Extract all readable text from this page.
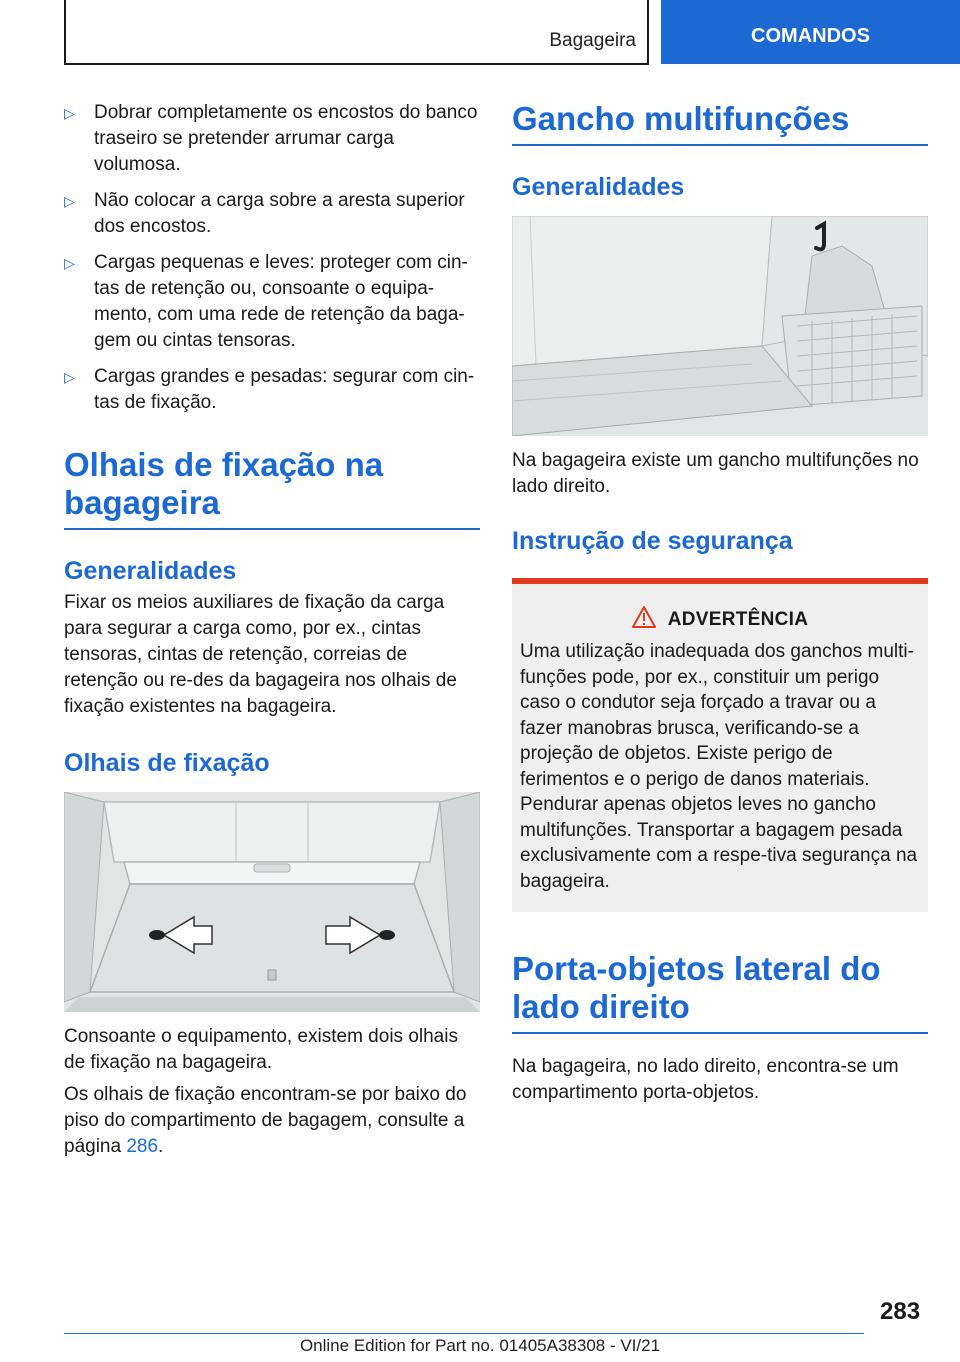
Bagageira	COMANDOS
▷ Dobrar completamente os encostos do banco traseiro se pretender arrumar carga volumosa.
▷ Não colocar a carga sobre a aresta superior dos encostos.
▷ Cargas pequenas e leves: proteger com cin-tas de retenção ou, consoante o equipa-mento, com uma rede de retenção da baga-gem ou cintas tensoras.
▷ Cargas grandes e pesadas: segurar com cin-tas de fixação.
Olhais de fixação na bagageira
Generalidades

Fixar os meios auxiliares de fixação da carga para segurar a carga como, por ex., cintas tensoras, cintas de retenção, correias de retenção ou re-des da bagageira nos olhais de fixação existentes na bagageira.

Olhais de fixação

Consoante o equipamento, existem dois olhais de fixação na bagageira.

Os olhais de fixação encontram-se por baixo do piso do compartimento de bagagem, consulte a página 286.

Gancho multifunções
Generalidades

Na bagageira existe um gancho multifunções no lado direito.

Instrução de segurança
ADVERTÊNCIA

Uma utilização inadequada dos ganchos multi-funções pode, por ex., constituir um perigo caso o condutor seja forçado a travar ou a fazer manobras brusca, verificando-se a projeção de objetos. Existe perigo de ferimentos e o perigo de danos materiais. Pendurar apenas objetos leves no gancho multifunções. Transportar a bagagem pesada exclusivamente com a respe-tiva segurança na bagageira.

Porta-objetos lateral do lado direito

Na bagageira, no lado direito, encontra-se um compartimento porta-objetos.

283
Online Edition for Part no. 01405A38308 - VI/21
